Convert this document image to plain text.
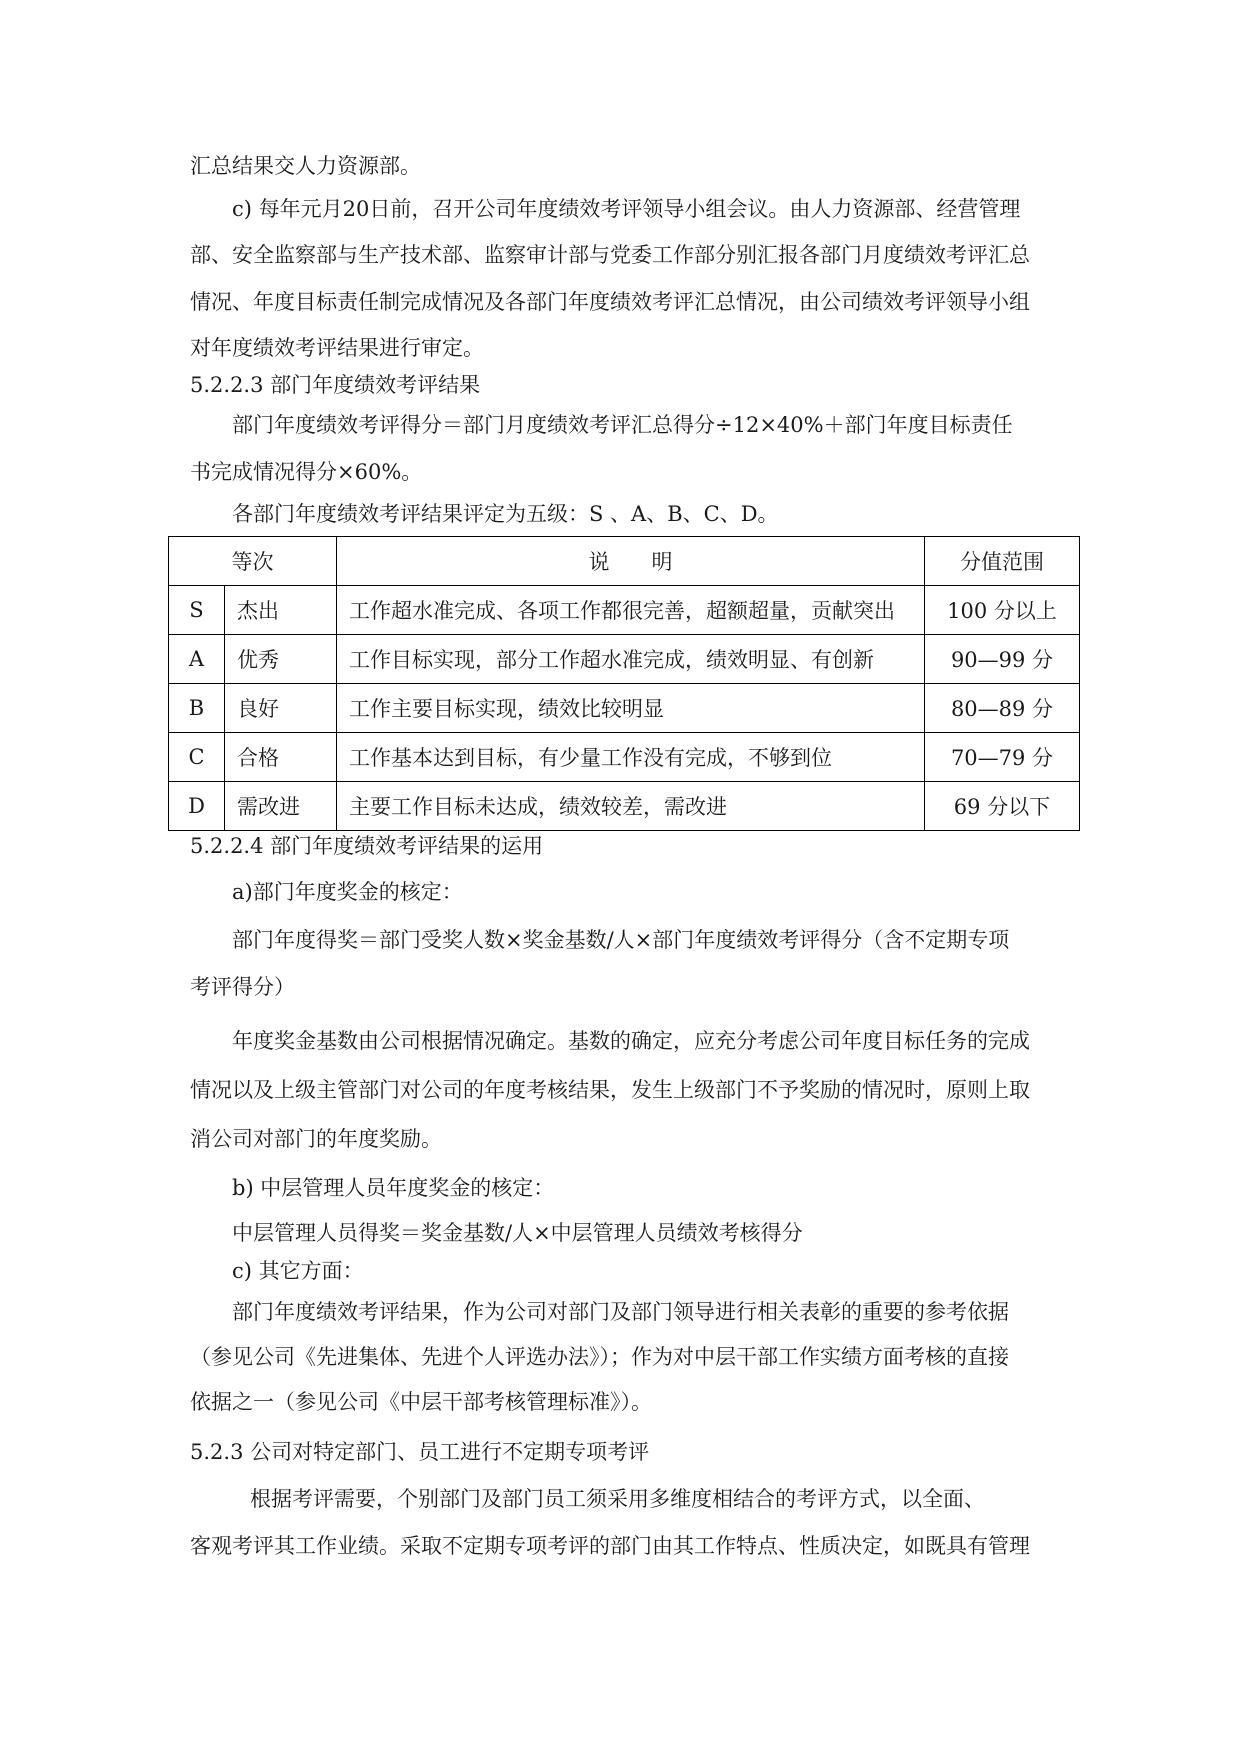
汇总结果交人力资源部。
c) 每年元月20日前，召开公司年度绩效考评领导小组会议。由人力资源部、经营管理
部、安全监察部与生产技术部、监察审计部与党委工作部分别汇报各部门月度绩效考评汇总
情况、年度目标责任制完成情况及各部门年度绩效考评汇总情况，由公司绩效考评领导小组
对年度绩效考评结果进行审定。
5.2.2.3 部门年度绩效考评结果
部门年度绩效考评得分＝部门月度绩效考评汇总得分÷12×40%＋部门年度目标责任
书完成情况得分×60%。
各部门年度绩效考评结果评定为五级：S 、A、B、C、D。
等次		说　　明	分值范围
S	杰出	工作超水准完成、各项工作都很完善，超额超量，贡献突出	100 分以上
A	优秀	工作目标实现，部分工作超水准完成，绩效明显、有创新	90—99 分
B	良好	工作主要目标实现，绩效比较明显	80—89 分
C	合格	工作基本达到目标，有少量工作没有完成，不够到位	70—79 分
D	需改进	主要工作目标未达成，绩效较差，需改进	69 分以下
5.2.2.4 部门年度绩效考评结果的运用
a)部门年度奖金的核定：
部门年度得奖＝部门受奖人数×奖金基数/人×部门年度绩效考评得分（含不定期专项
考评得分）
年度奖金基数由公司根据情况确定。基数的确定，应充分考虑公司年度目标任务的完成
情况以及上级主管部门对公司的年度考核结果，发生上级部门不予奖励的情况时，原则上取
消公司对部门的年度奖励。
b) 中层管理人员年度奖金的核定：
中层管理人员得奖＝奖金基数/人×中层管理人员绩效考核得分
c) 其它方面：
部门年度绩效考评结果，作为公司对部门及部门领导进行相关表彰的重要的参考依据
（参见公司《先进集体、先进个人评选办法》）；作为对中层干部工作实绩方面考核的直接
依据之一（参见公司《中层干部考核管理标准》）。
5.2.3 公司对特定部门、员工进行不定期专项考评
根据考评需要，个别部门及部门员工须采用多维度相结合的考评方式，以全面、
客观考评其工作业绩。采取不定期专项考评的部门由其工作特点、性质决定，如既具有管理
